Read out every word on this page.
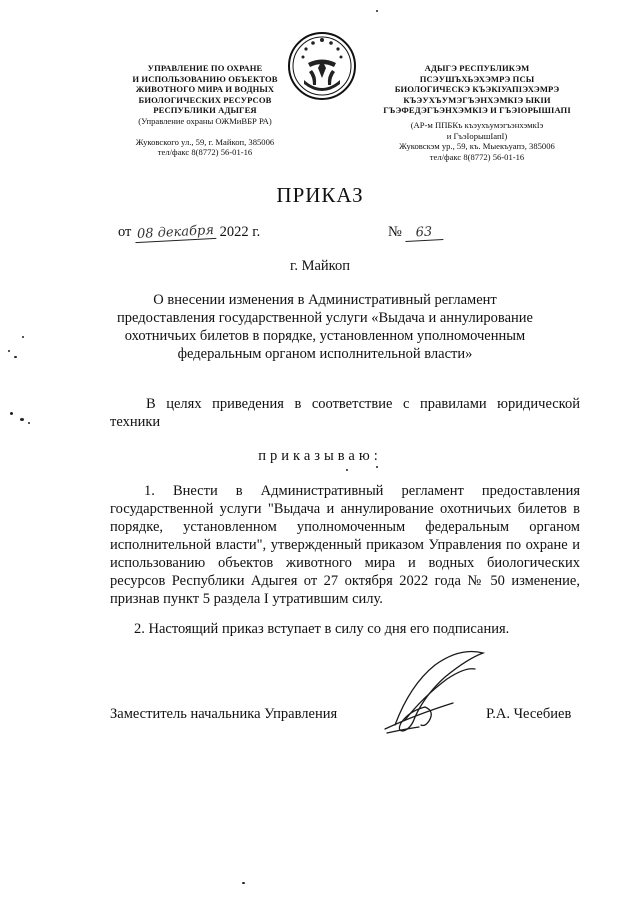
УПРАВЛЕНИЕ ПО ОХРАНЕ
И ИСПОЛЬЗОВАНИЮ ОБЪЕКТОВ
ЖИВОТНОГО МИРА И ВОДНЫХ
БИОЛОГИЧЕСКИХ РЕСУРСОВ
РЕСПУБЛИКИ АДЫГЕЯ
(Управление охраны ОЖМиВБР РА)
Жуковского ул., 59, г. Майкоп, 385006
тел/факс 8(8772) 56-01-16
АДЫГЭ РЕСПУБЛИКЭМ
ПСЭУШЪХЬЭХЭМРЭ ПСЫ
БИОЛОГИЧЕСКЭ КЪЭКIУАПIЭХЭМРЭ
КЪЭУХЪУМЭГЪЭНХЭМКIЭ ЫКIИ
ГЪЭФЕДЭГЪЭНХЭМКIЭ И ГЪЭIОРЫШIАПI
(АР-м ППБКъ къэухъумэгъэнхэмкIэ
и ГъэIорышIапI)
Жуковскэм ур., 59, къ. Мыекъуапэ, 385006
тел/факс 8(8772) 56-01-16
ПРИКАЗ
от 08 декабря 2022 г.	№ 63
г. Майкоп
О внесении изменения в Административный регламент предоставления государственной услуги «Выдача и аннулирование охотничьих билетов в порядке, установленном уполномоченным федеральным органом исполнительной власти»
В целях приведения в соответствие с правилами юридической техники
приказываю:
1. Внести в Административный регламент предоставления государственной услуги "Выдача и аннулирование охотничьих билетов в порядке, установленном уполномоченным федеральным органом исполнительной власти", утвержденный приказом Управления по охране и использованию объектов животного мира и водных биологических ресурсов Республики Адыгея от 27 октября 2022 года № 50 изменение, признав пункт 5 раздела I утратившим силу.
2. Настоящий приказ вступает в силу со дня его подписания.
Заместитель начальника Управления	Р.А. Чесебиев
